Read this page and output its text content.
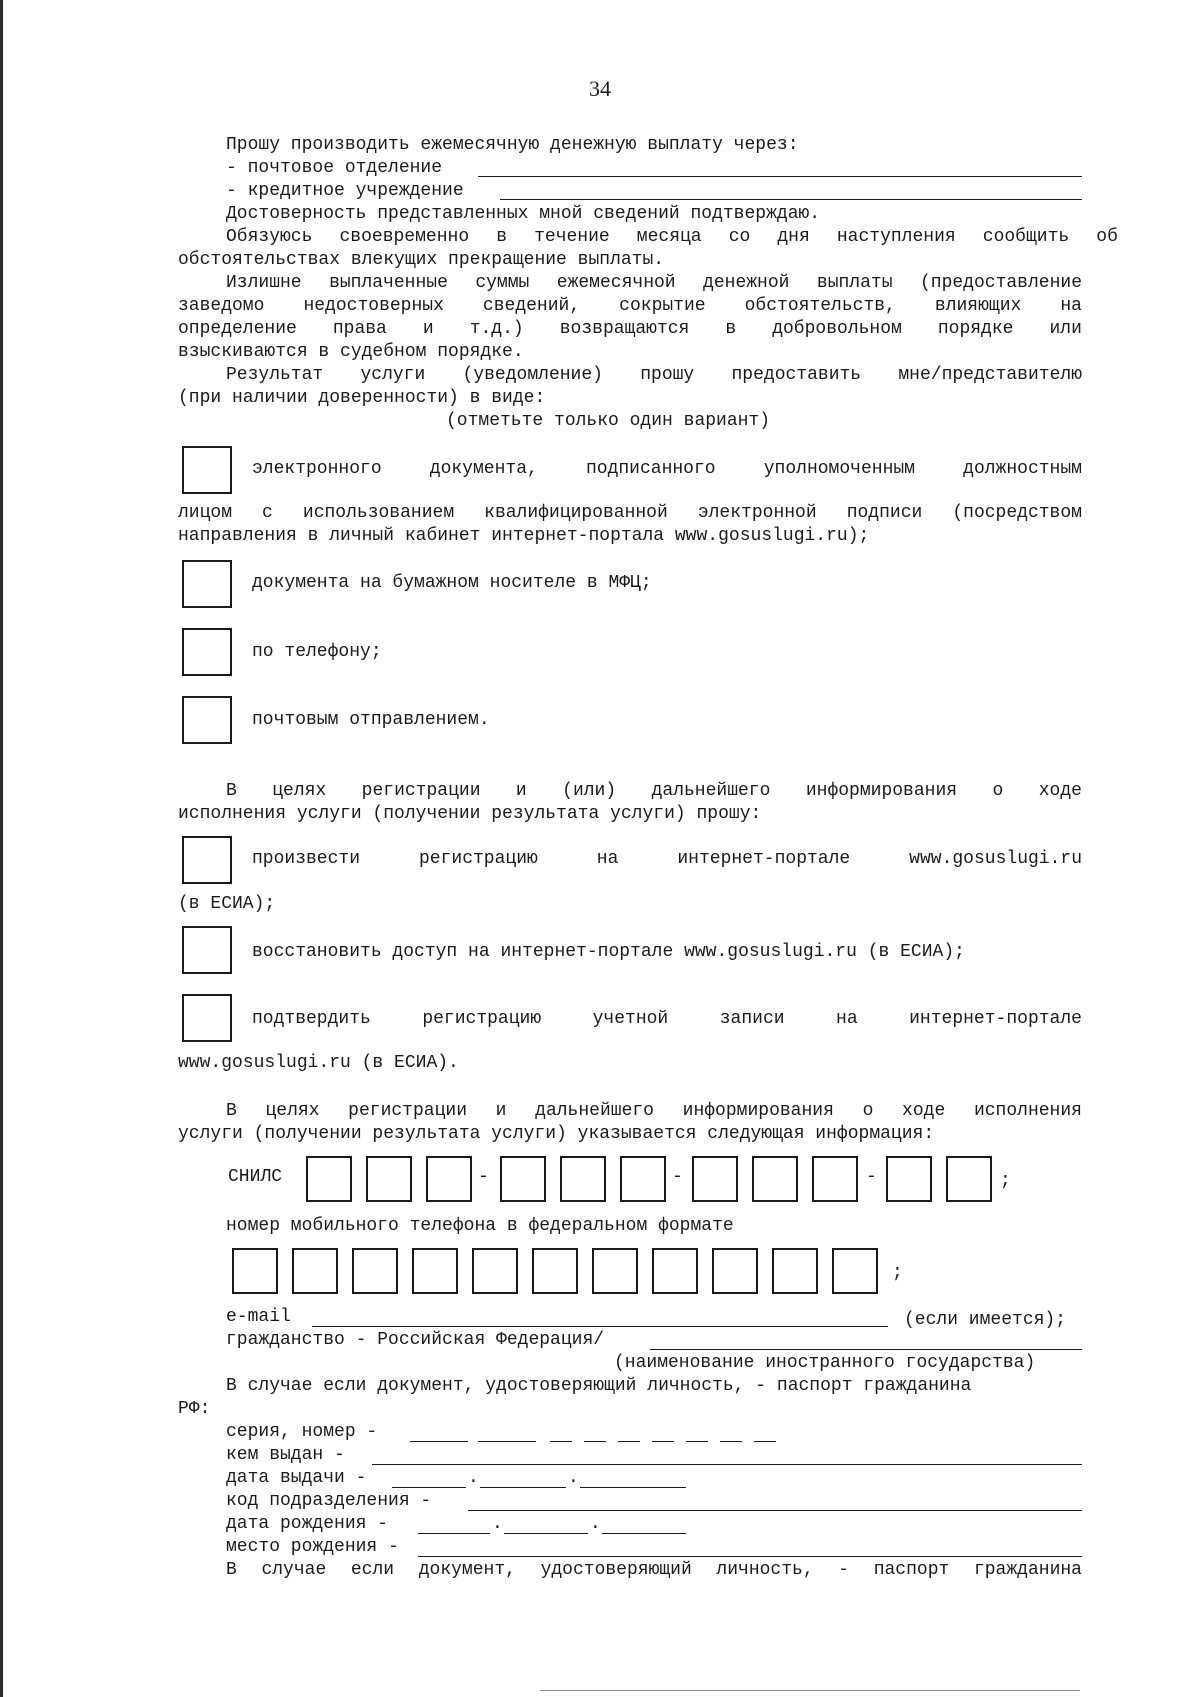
34
Прошу производить ежемесячную денежную выплату через:
- почтовое отделение
- кредитное учреждение
Достоверность представленных мной сведений подтверждаю.
Обязуюсь своевременно в течение месяца со дня наступления сообщить об
обстоятельствах влекущих прекращение выплаты.
Излишне выплаченные суммы ежемесячной денежной выплаты (предоставление
заведомо недостоверных сведений, сокрытие обстоятельств, влияющих на
определение права и т.д.) возвращаются в добровольном порядке или
взыскиваются в судебном порядке.
Результат услуги (уведомление) прошу предоставить мне/представителю
(при наличии доверенности) в виде:
(отметьте только один вариант)
электронного	документа,	подписанного	уполномоченным	должностным
лицом с использованием квалифицированной электронной подписи (посредством
направления в личный кабинет интернет-портала www.gosuslugi.ru);
документа на бумажном носителе в МФЦ;
по телефону;
почтовым отправлением.
В целях регистрации и (или) дальнейшего информирования о ходе
исполнения услуги (получении результата услуги) прошу:
произвести	регистрацию	на	интернет-портале	www.gosuslugi.ru
(в ЕСИА);
восстановить доступ на интернет-портале www.gosuslugi.ru (в ЕСИА);
подтвердить	регистрацию	учетной	записи	на	интернет-портале
www.gosuslugi.ru (в ЕСИА).
В целях регистрации и дальнейшего информирования о ходе исполнения
услуги (получении результата услуги) указывается следующая информация:
СНИЛС	-	-	-	;
номер мобильного телефона в федеральном формате
;
e-mail	(если имеется);
гражданство - Российская Федерация/
(наименование иностранного государства)
В случае если документ, удостоверяющий личность, - паспорт гражданина
РФ:
серия, номер -
кем выдан -
дата выдачи -	.	.
код подразделения -
дата рождения -	.	.
место рождения -
В случае если документ, удостоверяющий личность, - паспорт гражданина
